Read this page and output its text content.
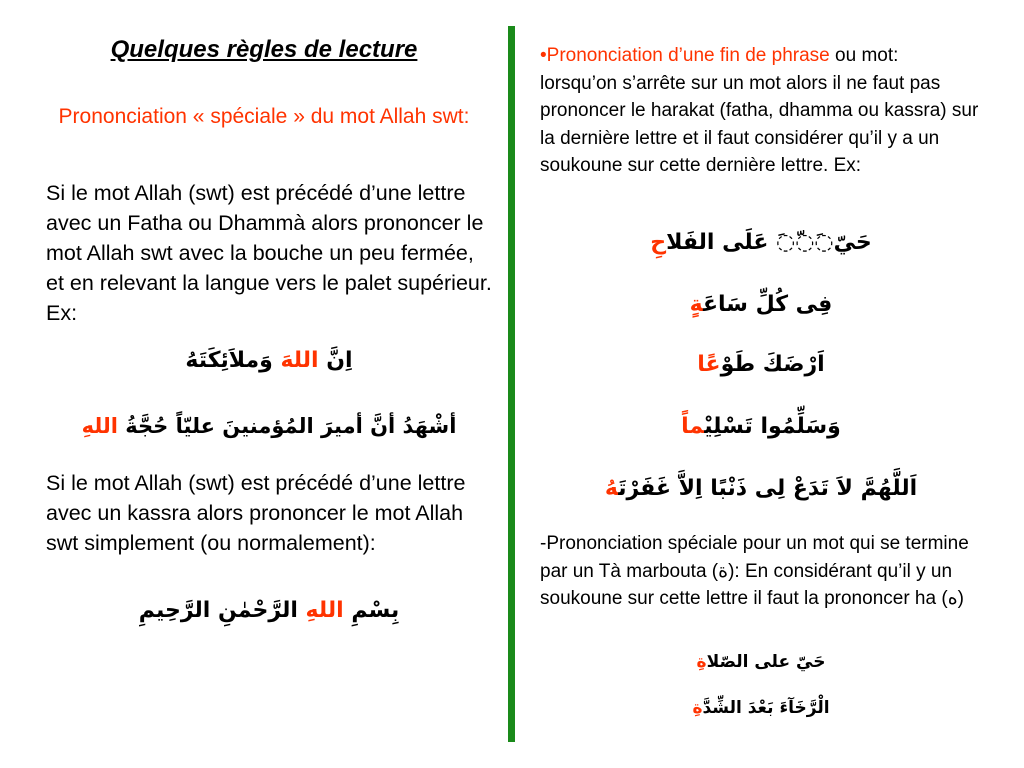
Quelques règles de lecture

Prononciation « spéciale » du mot Allah swt:

Si le mot Allah (swt) est précédé d’une lettre avec un Fatha ou Dhammà alors prononcer le mot Allah swt avec la bouche un peu fermée, et en relevant la langue vers le palet supérieur. Ex:

اِنَّ اللهَ وَملاَئِكَتَهُ

أشْهَدُ أنَّ أميرَ المُؤمنينَ عليّاً حُجَّةُ اللهِ

Si le mot Allah (swt) est précédé d’une lettre avec un kassra alors prononcer le mot Allah swt simplement (ou normalement):

بِسْمِ اللهِ الرَّحْمٰنِ الرَّحِيمِ

•Prononciation d’une fin de phrase ou mot: lorsqu’on s’arrête sur un mot alors il ne faut pas prononcer le harakat (fatha, dhamma ou kassra) sur la dernière lettre et il faut considérer qu’il y a un soukoune sur cette dernière lettre. Ex:

حَيّ◌َ◌ّ◌َ عَلَى الفَلاحِ

فِى كُلِّ سَاعَةٍ

اَرْضَكَ طَوْعًا

وَسَلِّمُوا تَسْلِيْماً

اَللَّهُمَّ لاَ تَدَعْ لِى ذَنْبًا اِلاَّ غَفَرْتَهُ

-Prononciation spéciale pour un mot qui se termine par un Tà marbouta (ة): En considérant qu’il y un soukoune sur cette lettre il faut la prononcer ha (ه)

حَيّ على الصّلاةِ

الْرَّخَآءَ بَعْدَ الشِّدَّةِ
